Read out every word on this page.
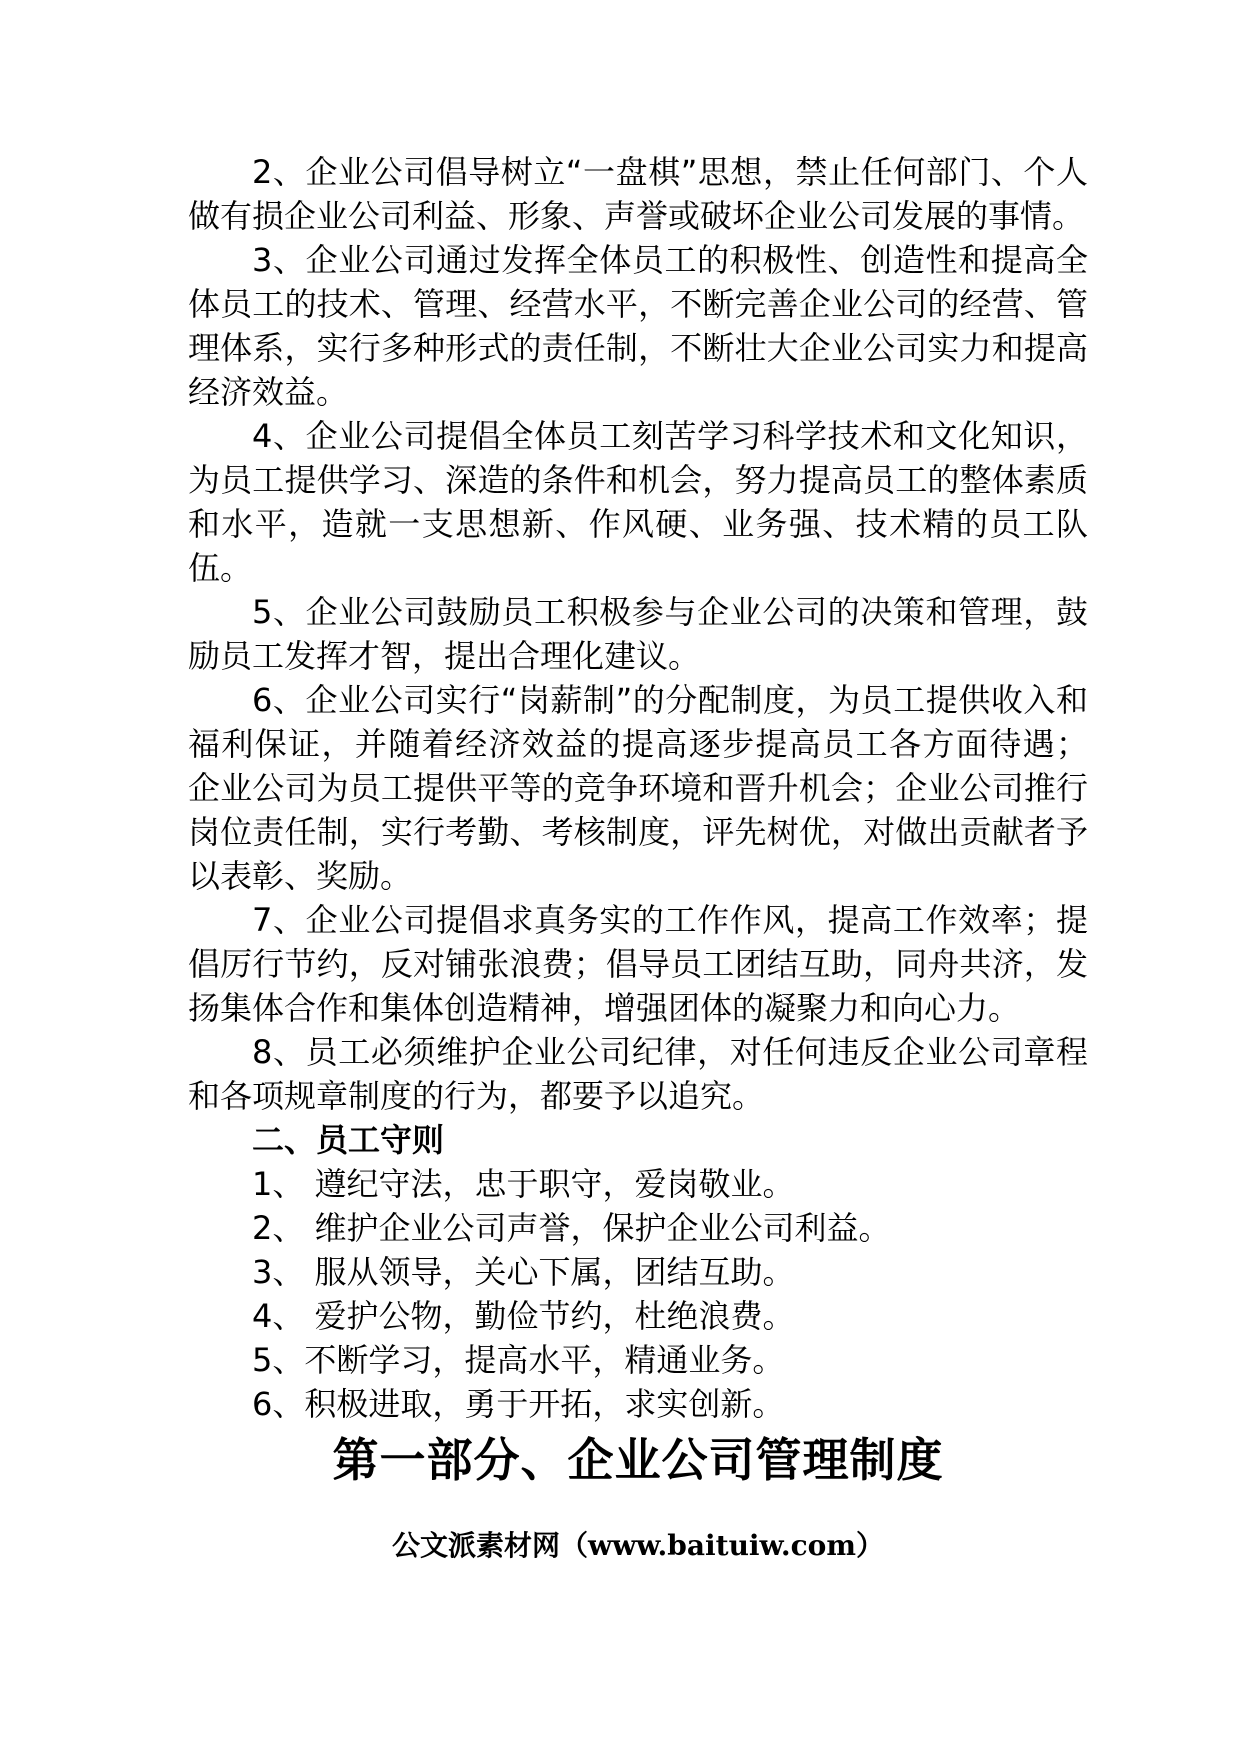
2、企业公司倡导树立“一盘棋”思想，禁止任何部门、个人做有损企业公司利益、形象、声誉或破坏企业公司发展的事情。

3、企业公司通过发挥全体员工的积极性、创造性和提高全体员工的技术、管理、经营水平，不断完善企业公司的经营、管理体系，实行多种形式的责任制，不断壮大企业公司实力和提高经济效益。

4、企业公司提倡全体员工刻苦学习科学技术和文化知识，为员工提供学习、深造的条件和机会，努力提高员工的整体素质和水平，造就一支思想新、作风硬、业务强、技术精的员工队伍。

5、企业公司鼓励员工积极参与企业公司的决策和管理，鼓励员工发挥才智，提出合理化建议。

6、企业公司实行“岗薪制”的分配制度，为员工提供收入和福利保证，并随着经济效益的提高逐步提高员工各方面待遇； 企业公司为员工提供平等的竞争环境和晋升机会；企业公司推行岗位责任制，实行考勤、考核制度，评先树优，对做出贡献者予以表彰、奖励。

7、企业公司提倡求真务实的工作作风，提高工作效率；提倡厉行节约，反对铺张浪费；倡导员工团结互助，同舟共济，发扬集体合作和集体创造精神，增强团体的凝聚力和向心力。

8、员工必须维护企业公司纪律，对任何违反企业公司章程和各项规章制度的行为，都要予以追究。

二、员工守则

1、 遵纪守法，忠于职守，爱岗敬业。

2、 维护企业公司声誉，保护企业公司利益。

3、 服从领导，关心下属，团结互助。

4、 爱护公物，勤俭节约，杜绝浪费。

5、不断学习，提高水平，精通业务。

6、积极进取，勇于开拓，求实创新。

第一部分、企业公司管理制度

公文派素材网（www.baituiw.com）
